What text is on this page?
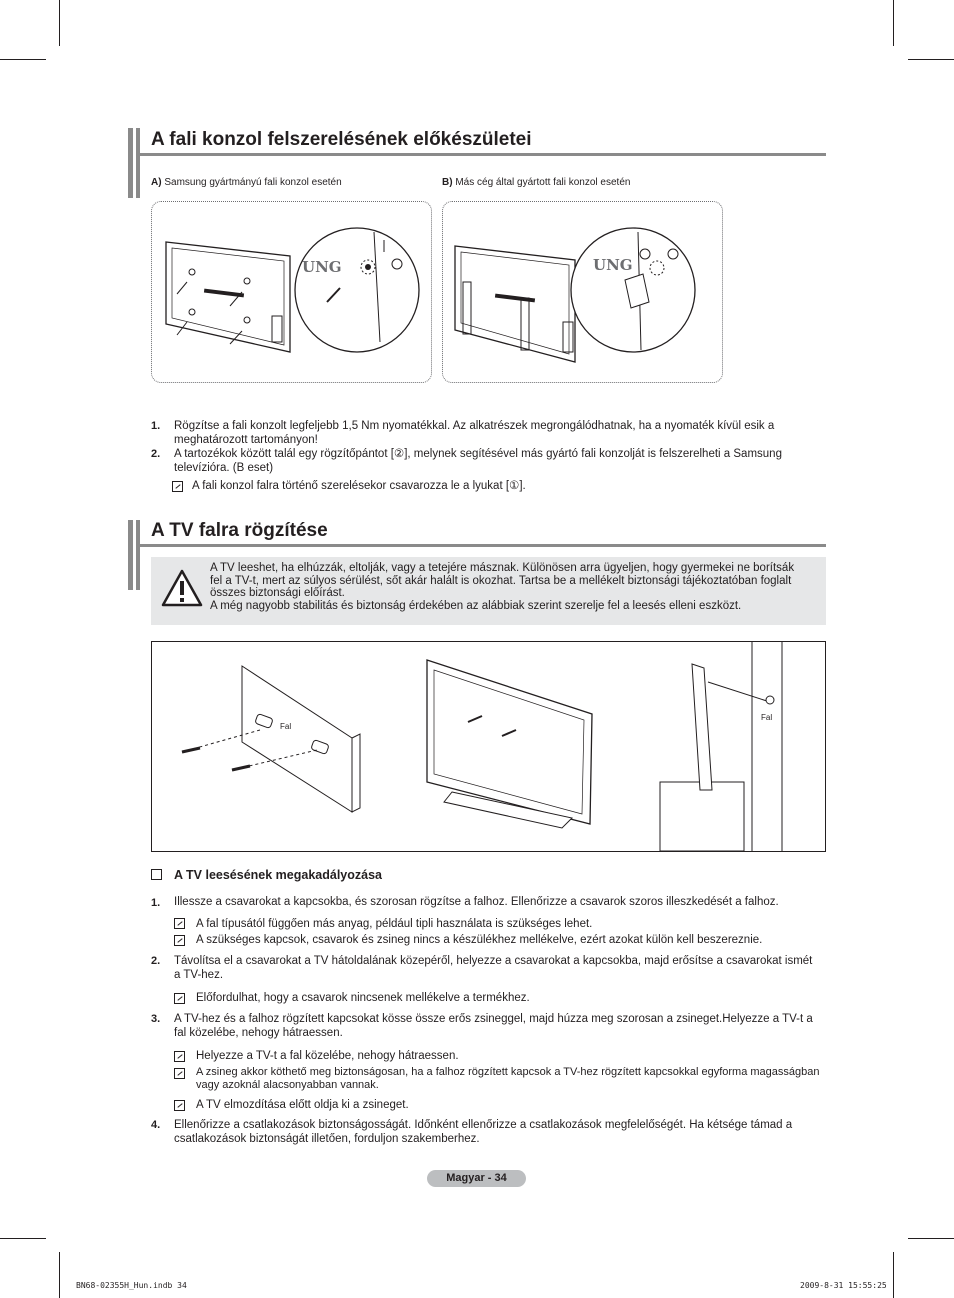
A fali konzol felszerelésének előkészületei
A) Samsung gyártmányú fali konzol esetén	B) Más cég által gyártott fali konzol esetén
UNG	UNG
1. Rögzítse a fali konzolt legfeljebb 1,5 Nm nyomatékkal. Az alkatrészek megrongálódhatnak, ha a nyomaték kívül esik a
meghatározott tartományon!
2. A tartozékok között talál egy rögzítőpántot [②], melynek segítésével más gyártó fali konzolját is felszerelheti a Samsung
televízióra. (B eset)
A fali konzol falra történő szerelésekor csavarozza le a lyukat [①].
A TV falra rögzítése
A TV leeshet, ha elhúzzák, eltolják, vagy a tetejére másznak. Különösen arra ügyeljen, hogy gyermekei ne borítsák
fel a TV-t, mert az súlyos sérülést, sőt akár halált is okozhat. Tartsa be a mellékelt biztonsági tájékoztatóban foglalt
összes biztonsági előírást.
A még nagyobb stabilitás és biztonság érdekében az alábbiak szerint szerelje fel a leesés elleni eszközt.
Fal
Fal
A TV leesésének megakadályozása
1. Illessze a csavarokat a kapcsokba, és szorosan rögzítse a falhoz. Ellenőrizze a csavarok szoros illeszkedését a falhoz.
A fal típusától függően más anyag, például tipli használata is szükséges lehet.
A szükséges kapcsok, csavarok és zsineg nincs a készülékhez mellékelve, ezért azokat külön kell beszereznie.
2. Távolítsa el a csavarokat a TV hátoldalának közepéről, helyezze a csavarokat a kapcsokba, majd erősítse a csavarokat ismét
a TV-hez.
Előfordulhat, hogy a csavarok nincsenek mellékelve a termékhez.
3. A TV-hez és a falhoz rögzített kapcsokat kösse össze erős zsineggel, majd húzza meg szorosan a zsineget.Helyezze a TV-t a
fal közelébe, nehogy hátraessen.
Helyezze a TV-t a fal közelébe, nehogy hátraessen.
A zsineg akkor köthető meg biztonságosan, ha a falhoz rögzített kapcsok a TV-hez rögzített kapcsokkal egyforma magasságban
vagy azoknál alacsonyabban vannak.
A TV elmozdítása előtt oldja ki a zsineget.
4. Ellenőrizze a csatlakozások biztonságosságát. Időnként ellenőrizze a csatlakozások megfelelőségét. Ha kétsége támad a
csatlakozások biztonságát illetően, forduljon szakemberhez.
Magyar - 34
BN68-02355H_Hun.indb 34	2009-8-31 15:55:25
